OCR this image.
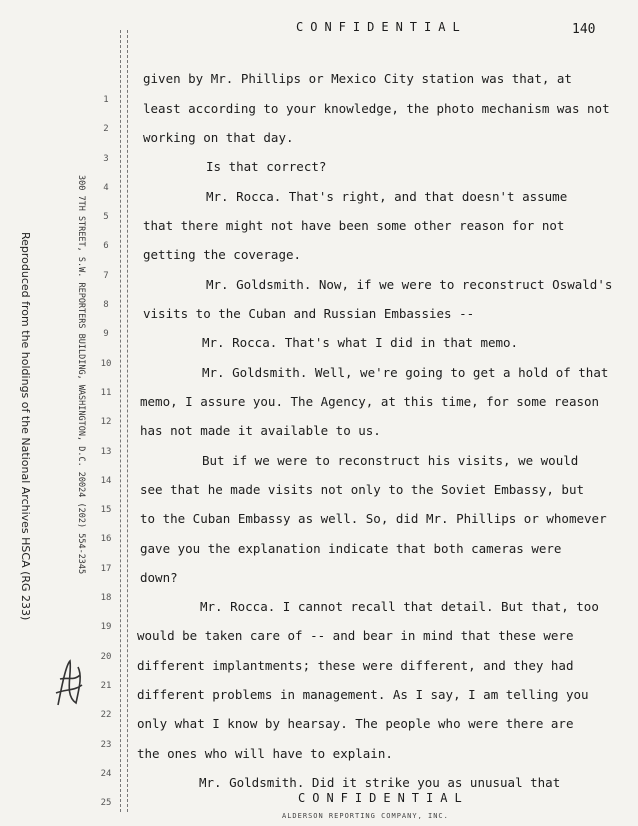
CONFIDENTIAL	140
Reproduced from the holdings of the National Archives HSCA (RG 233)	300 7TH STREET, S.W. REPORTERS BUILDING, WASHINGTON, D.C. 20024 (202) 554-2345
1
2
3
4
5
6
7
8
9
10
11
12
13
14
15
16
17
18
19
20
21
22
23
24
25
given by Mr. Phillips or Mexico City station was that, at
least according to your knowledge, the photo mechanism was not
working on that day.
Is that correct?
Mr. Rocca. That's right, and that doesn't assume
that there might not have been some other reason for not
getting the coverage.
Mr. Goldsmith. Now, if we were to reconstruct Oswald's
visits to the Cuban and Russian Embassies --
Mr. Rocca. That's what I did in that memo.
Mr. Goldsmith. Well, we're going to get a hold of that
memo, I assure you. The Agency, at this time, for some reason
has not made it available to us.
But if we were to reconstruct his visits, we would
see that he made visits not only to the Soviet Embassy, but
to the Cuban Embassy as well. So, did Mr. Phillips or whomever
gave you the explanation indicate that both cameras were
down?
Mr. Rocca. I cannot recall that detail. But that, too
would be taken care of -- and bear in mind that these were
different implantments; these were different, and they had
different problems in management. As I say, I am telling you
only what I know by hearsay. The people who were there are
the ones who will have to explain.
Mr. Goldsmith. Did it strike you as unusual that
CONFIDENTIAL
ALDERSON REPORTING COMPANY, INC.
